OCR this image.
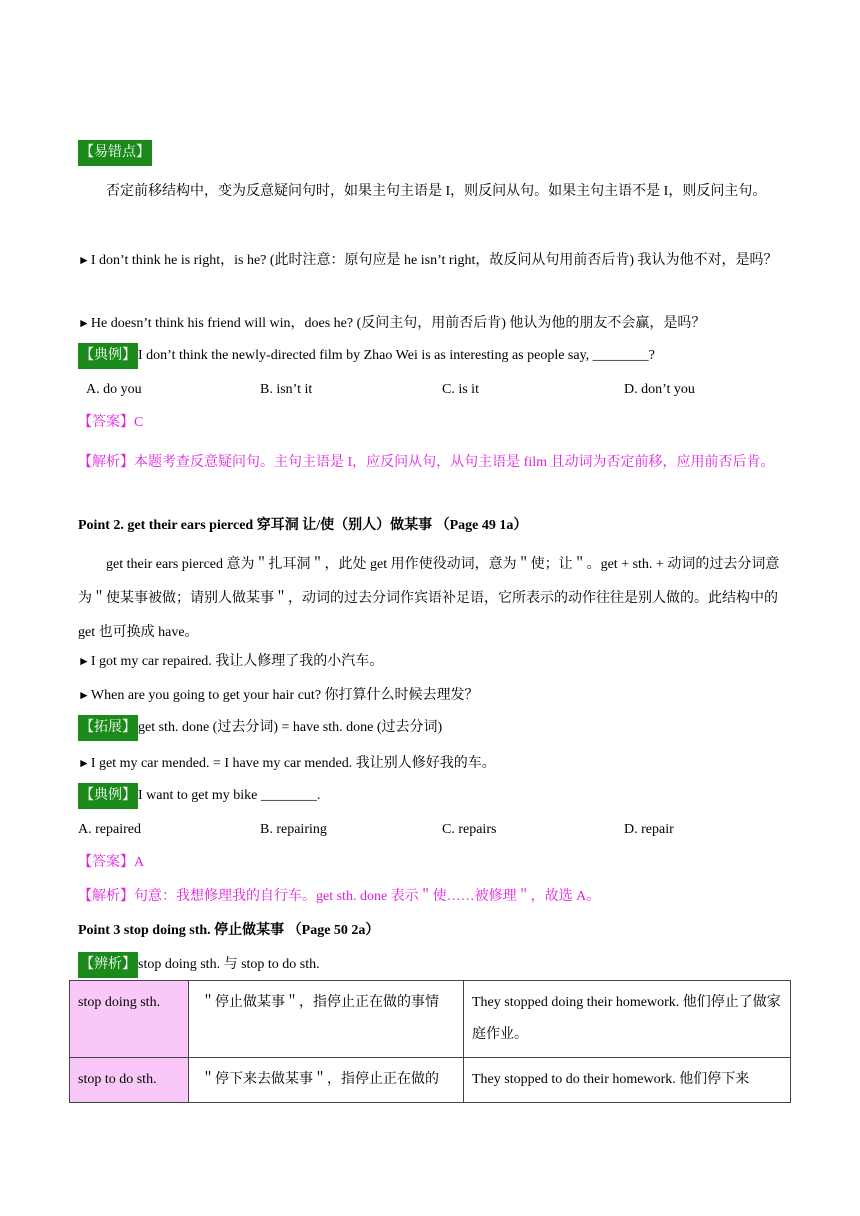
【易错点】
否定前移结构中，变为反意疑问句时，如果主句主语是 I，则反问从句。如果主句主语不是 I，则反问主句。
►I don’t think he is right，is he? (此时注意：原句应是 he isn’t right，故反问从句用前否后肯) 我认为他不对，是吗？
►He doesn’t think his friend will win，does he? (反问主句，用前否后肯) 他认为他的朋友不会赢，是吗？
【典例】 I don’t think the newly-directed film by Zhao Wei is as interesting as people say, ________?
A. do you	B. isn’t it	C. is it	D. don’t you
【答案】C
【解析】本题考查反意疑问句。主句主语是 I，应反问从句，从句主语是 film 且动词为否定前移，应用前否后肯。
Point 2. get their ears pierced 穿耳洞 让/使（别人）做某事 （Page 49 1a）
get their ears pierced 意为＂扎耳洞＂，此处 get 用作使役动词，意为＂使；让＂。get + sth. + 动词的过去分词意为＂使某事被做；请别人做某事＂，动词的过去分词作宾语补足语，它所表示的动作往往是别人做的。此结构中的 get 也可换成 have。
►I got my car repaired. 我让人修理了我的小汽车。
►When are you going to get your hair cut? 你打算什么时候去理发？
【拓展】 get sth. done (过去分词) = have sth. done (过去分词)
►I get my car mended. = I have my car mended. 我让别人修好我的车。
【典例】 I want to get my bike ________.
A. repaired	B. repairing	C. repairs	D. repair
【答案】A
【解析】句意：我想修理我的自行车。get sth. done 表示＂使……被修理＂，故选 A。
Point 3 stop doing sth. 停止做某事 （Page 50 2a）
【辨析】 stop doing sth. 与 stop to do sth.
stop doing sth.	＂停止做某事＂，指停止正在做的事情	They stopped doing their homework. 他们停止了做家庭作业。
stop to do sth.	＂停下来去做某事＂，指停止正在做的	They stopped to do their homework. 他们停下来
